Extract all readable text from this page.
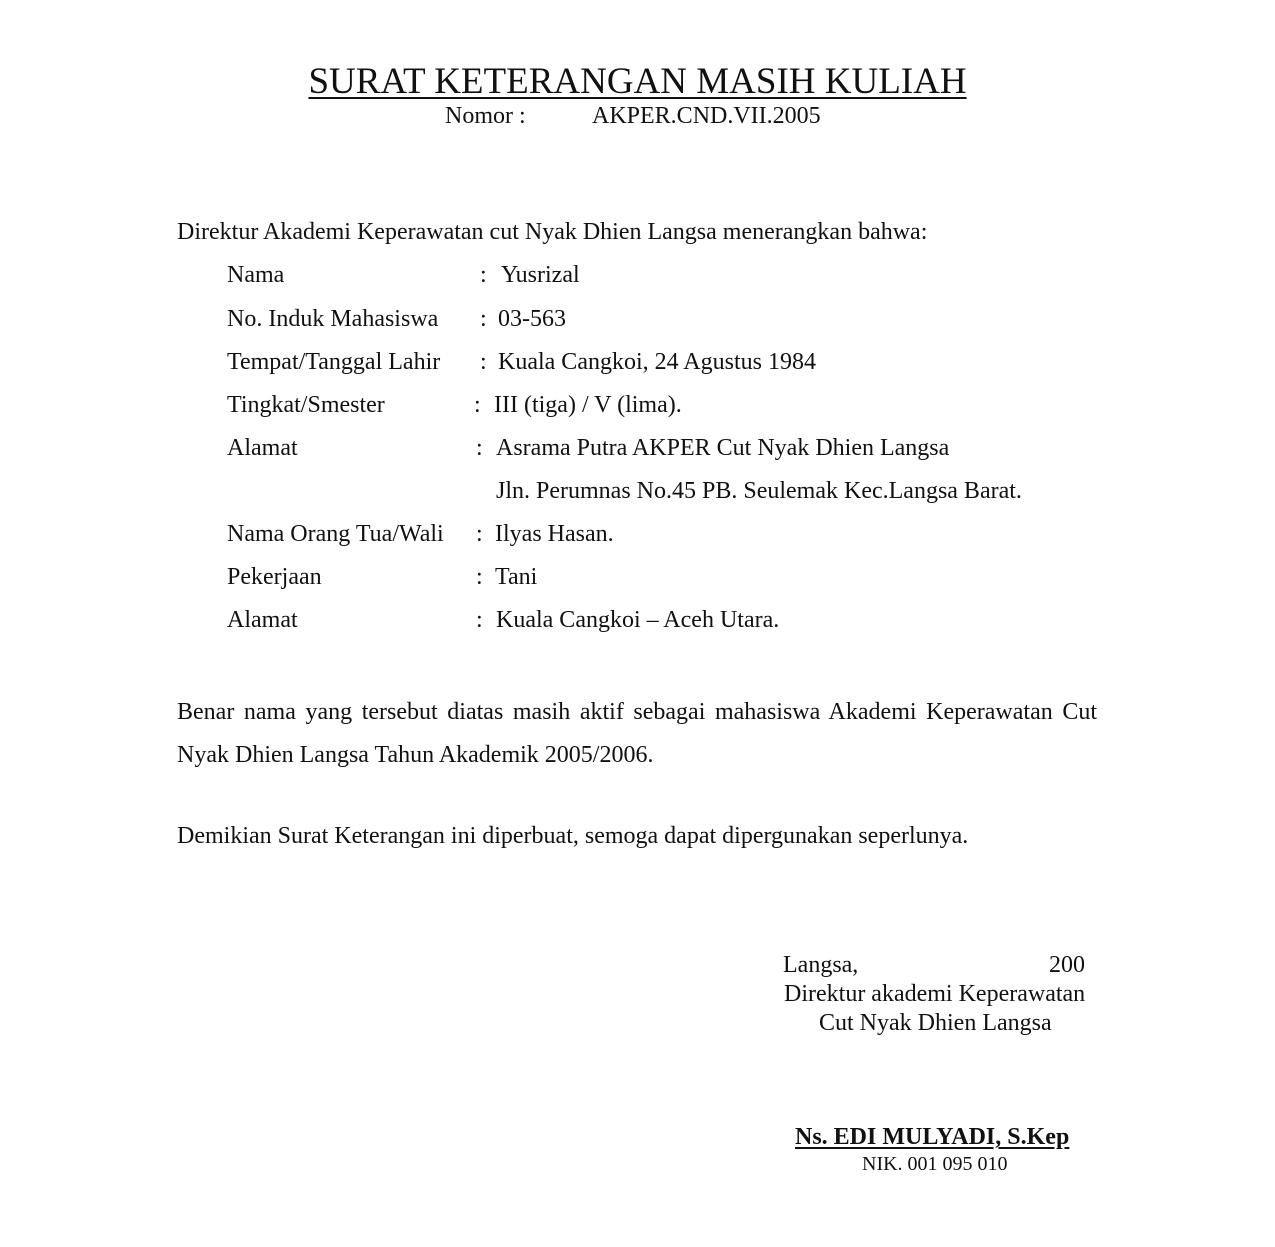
SURAT KETERANGAN MASIH KULIAH
Nomor :	AKPER.CND.VII.2005
Direktur Akademi Keperawatan cut Nyak Dhien Langsa menerangkan bahwa:
Nama	: Yusrizal
No. Induk Mahasiswa : 03-563
Tempat/Tanggal Lahir : Kuala Cangkoi, 24 Agustus 1984
Tingkat/Smester	: III (tiga) / V (lima).
Alamat	: Asrama Putra AKPER Cut Nyak Dhien Langsa
Jln. Perumnas No.45 PB. Seulemak Kec.Langsa Barat.
Nama Orang Tua/Wali : Ilyas Hasan.
Pekerjaan	: Tani
Alamat	: Kuala Cangkoi – Aceh Utara.
Benar nama yang tersebut diatas masih aktif sebagai mahasiswa Akademi Keperawatan Cut Nyak Dhien Langsa Tahun Akademik 2005/2006.
Demikian Surat Keterangan ini diperbuat, semoga dapat dipergunakan seperlunya.
Langsa,	200
Direktur akademi Keperawatan
Cut Nyak Dhien Langsa
Ns. EDI MULYADI, S.Kep
NIK. 001 095 010
